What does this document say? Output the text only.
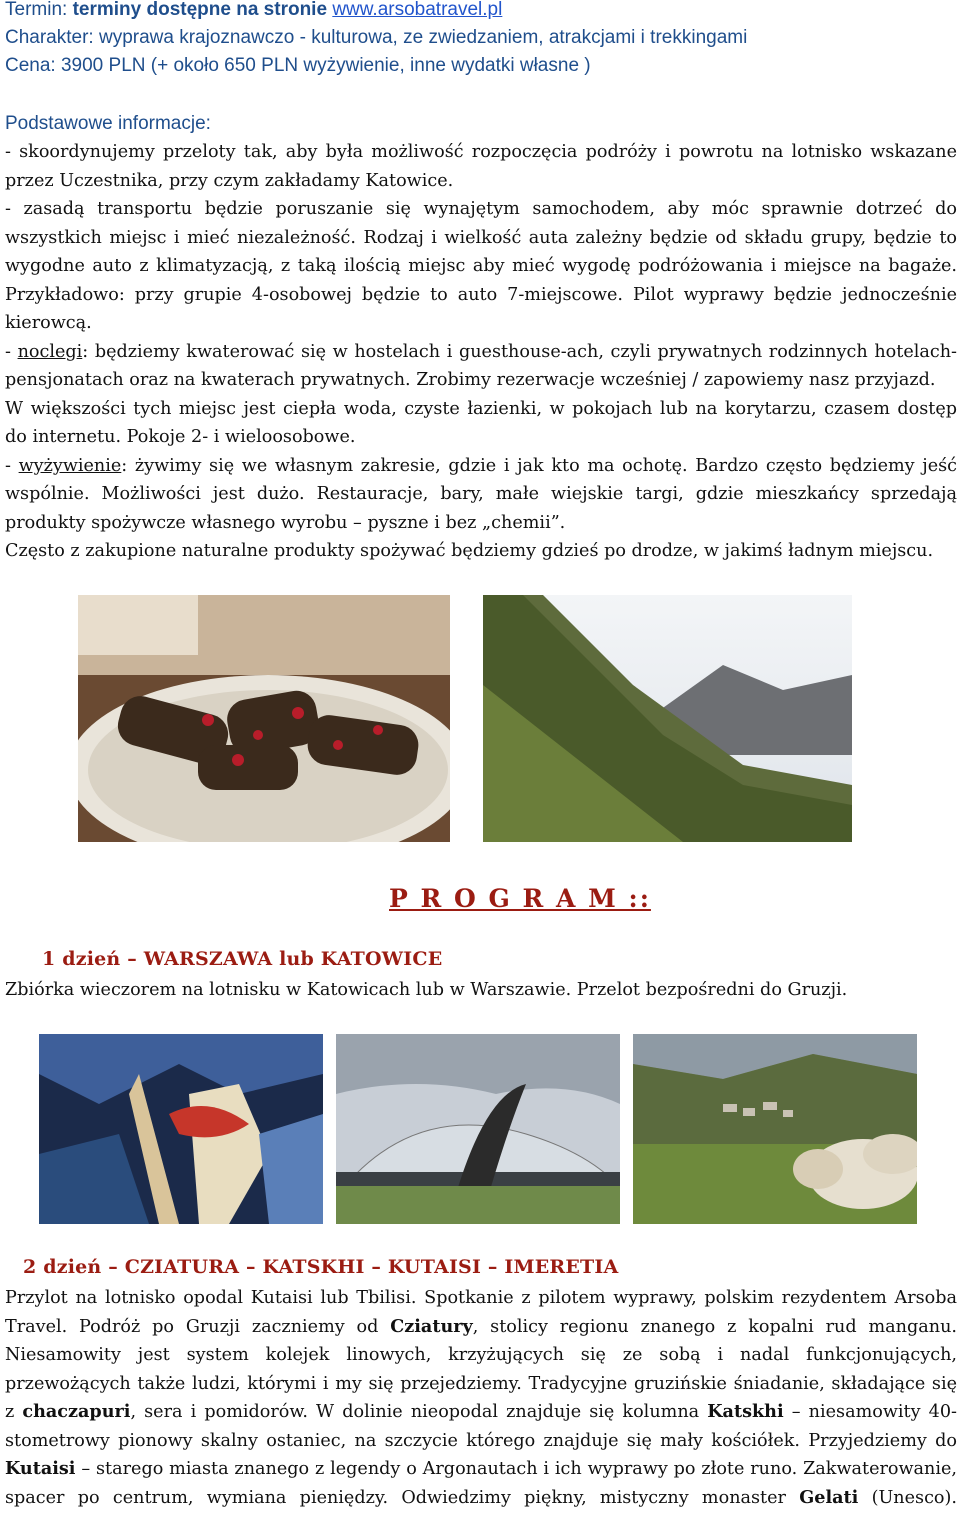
Termin: terminy dostępne na stronie www.arsobatravel.pl
Charakter: wyprawa krajoznawczo - kulturowa, ze zwiedzaniem, atrakcjami i trekkingami
Cena: 3900 PLN (+ około 650 PLN wyżywienie, inne wydatki własne )
Podstawowe informacje:
- skoordynujemy przeloty tak, aby była możliwość rozpoczęcia podróży i powrotu na lotnisko wskazane
przez Uczestnika, przy czym zakładamy Katowice.
- zasadą transportu będzie poruszanie się wynajętym samochodem, aby móc sprawnie dotrzeć do
wszystkich miejsc i mieć niezależność. Rodzaj i wielkość auta zależny będzie od składu grupy, będzie to
wygodne auto z klimatyzacją, z taką ilością miejsc aby mieć wygodę podróżowania i miejsce na bagaże.
Przykładowo: przy grupie 4-osobowej będzie to auto 7-miejscowe. Pilot wyprawy będzie jednocześnie
kierowcą.
- noclegi: będziemy kwaterować się w hostelach i guesthouse-ach, czyli prywatnych rodzinnych hotelach-
pensjonatach oraz na kwaterach prywatnych. Zrobimy rezerwacje wcześniej / zapowiemy nasz przyjazd.
W większości tych miejsc jest ciepła woda, czyste łazienki, w pokojach lub na korytarzu, czasem dostęp
do internetu. Pokoje 2- i wieloosobowe.
- wyżywienie: żywimy się we własnym zakresie, gdzie i jak kto ma ochotę. Bardzo często będziemy jeść
wspólnie. Możliwości jest dużo. Restauracje, bary, małe wiejskie targi, gdzie mieszkańcy sprzedają
produkty spożywcze własnego wyrobu – pyszne i bez „chemii”.
Często z zakupione naturalne produkty spożywać będziemy gdzieś po drodze, w jakimś ładnym miejscu.
P R O G R A M ::
1 dzień – WARSZAWA lub KATOWICE
Zbiórka wieczorem na lotnisku w Katowicach lub w Warszawie. Przelot bezpośredni do Gruzji.
2 dzień – CZIATURA – KATSKHI – KUTAISI – IMERETIA
Przylot na lotnisko opodal Kutaisi lub Tbilisi. Spotkanie z pilotem wyprawy, polskim rezydentem Arsoba
Travel. Podróż po Gruzji zaczniemy od Cziatury, stolicy regionu znanego z kopalni rud manganu.
Niesamowity jest system kolejek linowych, krzyżujących się ze sobą i nadal funkcjonujących,
przewożących także ludzi, którymi i my się przejedziemy. Tradycyjne gruzińskie śniadanie, składające się
z chaczapuri, sera i pomidorów. W dolinie nieopodal znajduje się kolumna Katskhi – niesamowity 40-
stometrowy pionowy skalny ostaniec, na szczycie którego znajduje się mały kościółek. Przyjedziemy do
Kutaisi – starego miasta znanego z legendy o Argonautach i ich wyprawy po złote runo. Zakwaterowanie,
spacer po centrum, wymiana pieniędzy. Odwiedzimy piękny, mistyczny monaster Gelati (Unesco).
